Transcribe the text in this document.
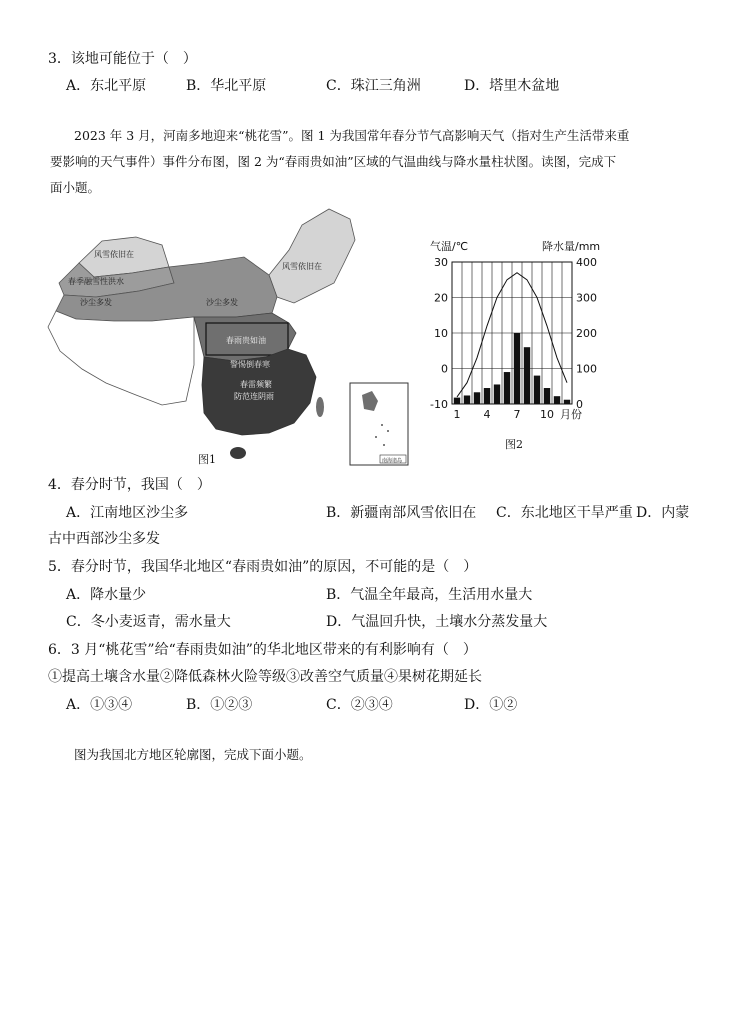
3．该地可能位于（　）
A．东北平原	B．华北平原	C．珠江三角洲	D．塔里木盆地
2023 年 3 月，河南多地迎来“桃花雪”。图 1 为我国常年春分节气高影响天气（指对生产生活带来重
要影响的天气事件）事件分布图，图 2 为“春雨贵如油”区域的气温曲线与降水量柱状图。读图，完成下
面小题。
风雪依旧在
风雪依旧在
春季融雪性洪水
沙尘多发	沙尘多发
春雨贵如油
警惕倒春寒
春雷频繁
防范连阴雨
南海诸岛
图1
气温/℃	降水量/mm
30
20
10
0
-10
400
300
200
100
0
1 4 7 10 月份
图2
4．春分时节，我国（　）
A．江南地区沙尘多	B．新疆南部风雪依旧在 C．东北地区干旱严重 D．内蒙
古中西部沙尘多发
5．春分时节，我国华北地区“春雨贵如油”的原因，不可能的是（　）
A．降水量少	B．气温全年最高，生活用水量大
C．冬小麦返青，需水量大	D．气温回升快，土壤水分蒸发量大
6．3 月“桃花雪”给“春雨贵如油”的华北地区带来的有利影响有（　）
①提高土壤含水量②降低森林火险等级③改善空气质量④果树花期延长
A．①③④	B．①②③	C．②③④	D．①②
图为我国北方地区轮廓图，完成下面小题。
